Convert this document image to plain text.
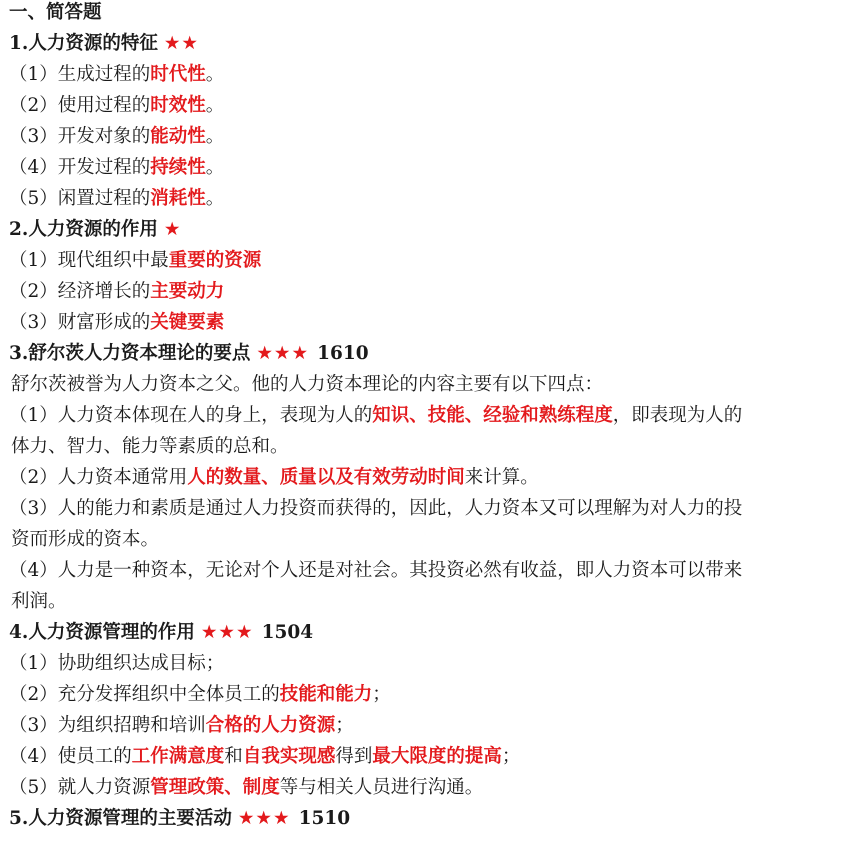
一、简答题
1.人力资源的特征 ★★
（1）生成过程的时代性。
（2）使用过程的时效性。
（3）开发对象的能动性。
（4）开发过程的持续性。
（5）闲置过程的消耗性。
2.人力资源的作用 ★
（1）现代组织中最重要的资源
（2）经济增长的主要动力
（3）财富形成的关键要素
3.舒尔茨人力资本理论的要点 ★★★ 1610
舒尔茨被誉为人力资本之父。他的人力资本理论的内容主要有以下四点：
（1）人力资本体现在人的身上，表现为人的知识、技能、经验和熟练程度，即表现为人的
体力、智力、能力等素质的总和。
（2）人力资本通常用人的数量、质量以及有效劳动时间来计算。
（3）人的能力和素质是通过人力投资而获得的，因此，人力资本又可以理解为对人力的投
资而形成的资本。
（4）人力是一种资本，无论对个人还是对社会。其投资必然有收益，即人力资本可以带来
利润。
4.人力资源管理的作用 ★★★ 1504
（1）协助组织达成目标；
（2）充分发挥组织中全体员工的技能和能力；
（3）为组织招聘和培训合格的人力资源；
（4）使员工的工作满意度和自我实现感得到最大限度的提高；
（5）就人力资源管理政策、制度等与相关人员进行沟通。
5.人力资源管理的主要活动 ★★★ 1510
